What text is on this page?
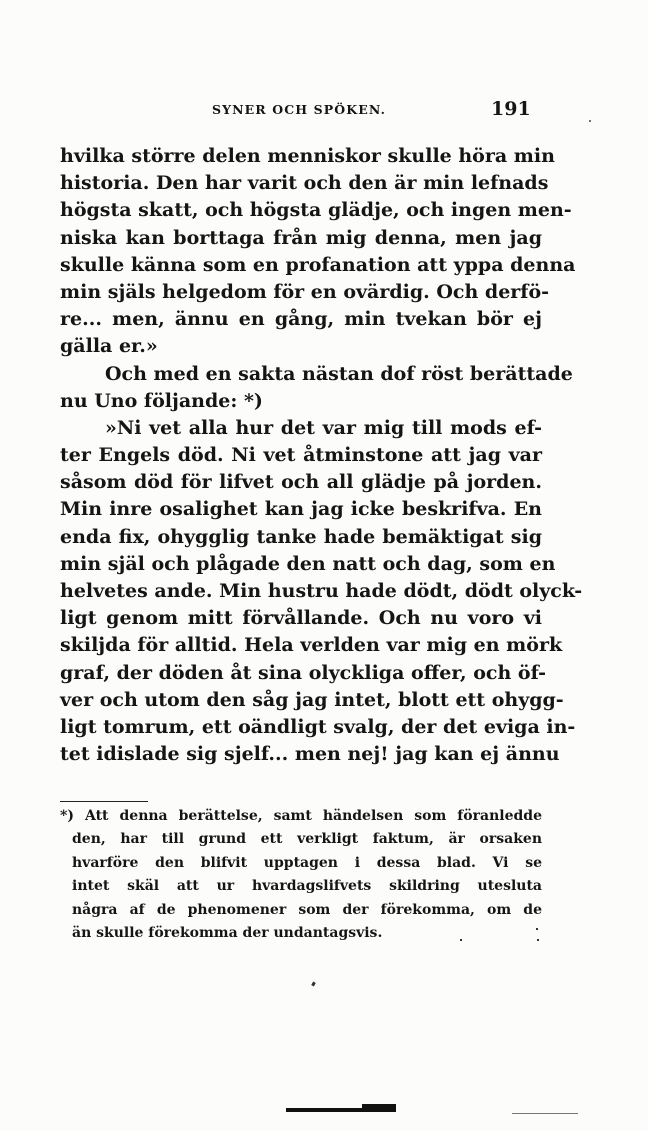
SYNER OCH SPÖKEN.	191
hvilka större delen menniskor skulle höra min
historia. Den har varit och den är min lefnads
högsta skatt, och högsta glädje, och ingen men-
niska kan borttaga från mig denna, men jag
skulle känna som en profanation att yppa denna
min själs helgedom för en ovärdig. Och derfö-
re... men, ännu en gång, min tvekan bör ej
gälla er.»
Och med en sakta nästan dof röst berättade
nu Uno följande: *)
»Ni vet alla hur det var mig till mods ef-
ter Engels död. Ni vet åtminstone att jag var
såsom död för lifvet och all glädje på jorden.
Min inre osalighet kan jag icke beskrifva. En
enda fix, ohygglig tanke hade bemäktigat sig
min själ och plågade den natt och dag, som en
helvetes ande. Min hustru hade dödt, dödt olyck-
ligt genom mitt förvållande. Och nu voro vi
skiljda för alltid. Hela verlden var mig en mörk
graf, der döden åt sina olyckliga offer, och öf-
ver och utom den såg jag intet, blott ett ohygg-
ligt tomrum, ett oändligt svalg, der det eviga in-
tet idislade sig sjelf... men nej! jag kan ej ännu
*) Att denna berättelse, samt händelsen som föranledde
den, har till grund ett verkligt faktum, är orsaken
hvarföre den blifvit upptagen i dessa blad. Vi se
intet skäl att ur hvardagslifvets skildring utesluta
några af de phenomener som der förekomma, om de
än skulle förekomma der undantagsvis.
